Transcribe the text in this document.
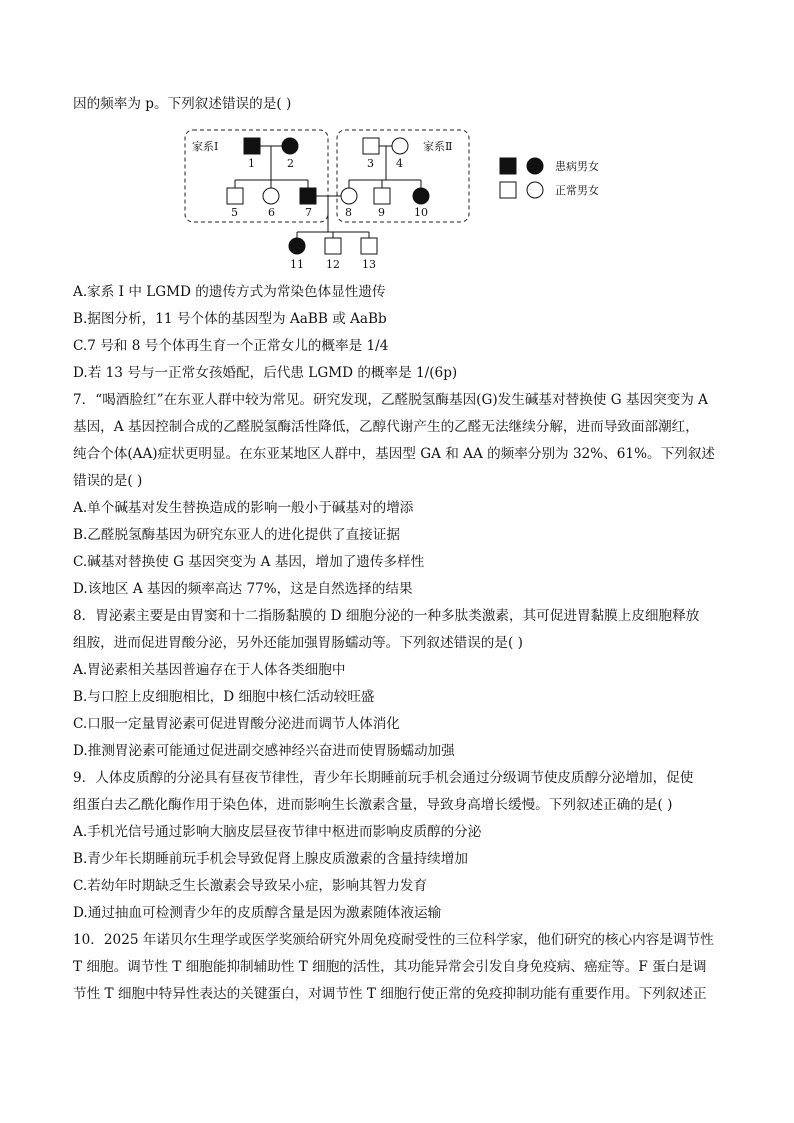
因的频率为 p。下列叙述错误的是( )
家系Ⅰ	家系Ⅱ
1	2
5	6	7
3 4
8 9	10
11 12 13
患病男女
正常男女
A.家系 Ⅰ 中 LGMD 的遗传方式为常染色体显性遗传
B.据图分析，11 号个体的基因型为 AaBB 或 AaBb
C.7 号和 8 号个体再生育一个正常女儿的概率是 1/4
D.若 13 号与一正常女孩婚配，后代患 LGMD 的概率是 1/(6p)
7．“喝酒脸红”在东亚人群中较为常见。研究发现，乙醛脱氢酶基因(G)发生碱基对替换使 G 基因突变为 A
基因，A 基因控制合成的乙醛脱氢酶活性降低，乙醇代谢产生的乙醛无法继续分解，进而导致面部潮红，
纯合个体(AA)症状更明显。在东亚某地区人群中，基因型 GA 和 AA 的频率分别为 32%、61%。下列叙述
错误的是( )
A.单个碱基对发生替换造成的影响一般小于碱基对的增添
B.乙醛脱氢酶基因为研究东亚人的进化提供了直接证据
C.碱基对替换使 G 基因突变为 A 基因，增加了遗传多样性
D.该地区 A 基因的频率高达 77%，这是自然选择的结果
8．胃泌素主要是由胃窦和十二指肠黏膜的 D 细胞分泌的一种多肽类激素，其可促进胃黏膜上皮细胞释放
组胺，进而促进胃酸分泌，另外还能加强胃肠蠕动等。下列叙述错误的是( )
A.胃泌素相关基因普遍存在于人体各类细胞中
B.与口腔上皮细胞相比，D 细胞中核仁活动较旺盛
C.口服一定量胃泌素可促进胃酸分泌进而调节人体消化
D.推测胃泌素可能通过促进副交感神经兴奋进而使胃肠蠕动加强
9．人体皮质醇的分泌具有昼夜节律性，青少年长期睡前玩手机会通过分级调节使皮质醇分泌增加，促使
组蛋白去乙酰化酶作用于染色体，进而影响生长激素含量，导致身高增长缓慢。下列叙述正确的是( )
A.手机光信号通过影响大脑皮层昼夜节律中枢进而影响皮质醇的分泌
B.青少年长期睡前玩手机会导致促肾上腺皮质激素的含量持续增加
C.若幼年时期缺乏生长激素会导致呆小症，影响其智力发育
D.通过抽血可检测青少年的皮质醇含量是因为激素随体液运输
10．2025 年诺贝尔生理学或医学奖颁给研究外周免疫耐受性的三位科学家，他们研究的核心内容是调节性
T 细胞。调节性 T 细胞能抑制辅助性 T 细胞的活性，其功能异常会引发自身免疫病、癌症等。F 蛋白是调
节性 T 细胞中特异性表达的关键蛋白，对调节性 T 细胞行使正常的免疫抑制功能有重要作用。下列叙述正
